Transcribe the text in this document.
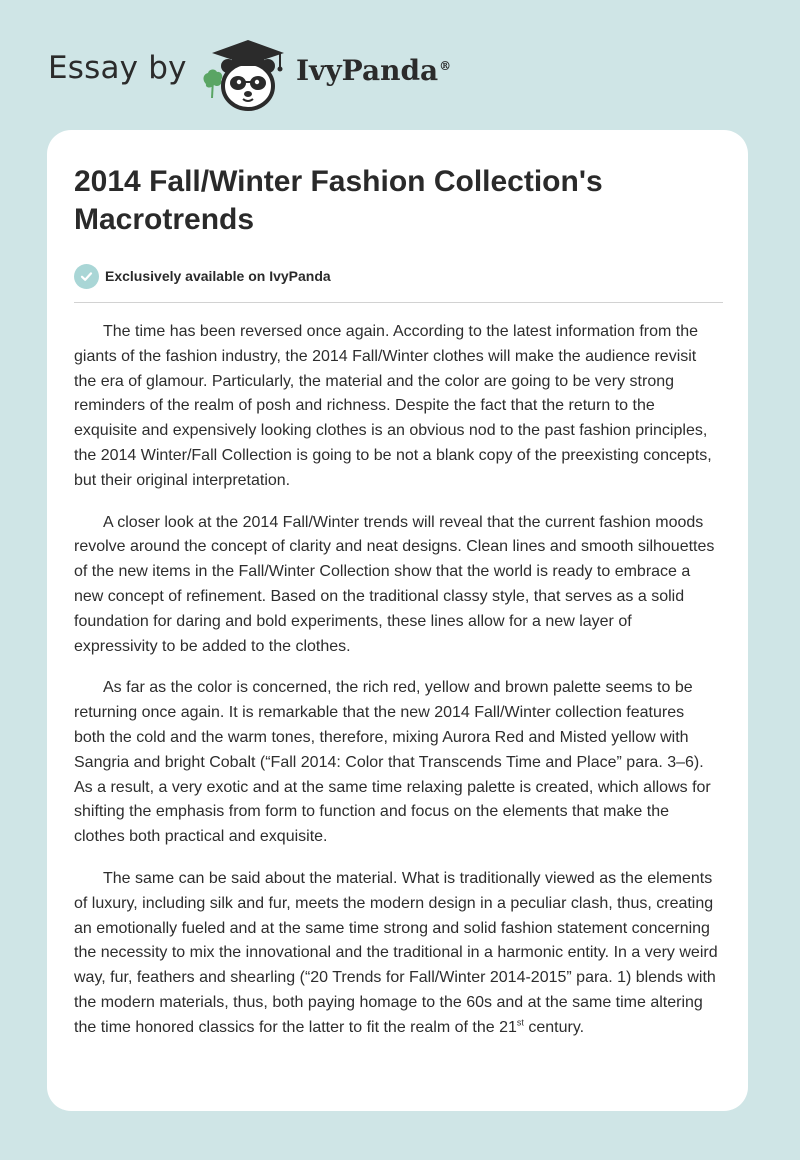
Essay by	IvyPanda®
2014 Fall/Winter Fashion Collection's Macrotrends
Exclusively available on IvyPanda

The time has been reversed once again. According to the latest information from the giants of the fashion industry, the 2014 Fall/Winter clothes will make the audience revisit the era of glamour. Particularly, the material and the color are going to be very strong reminders of the realm of posh and richness. Despite the fact that the return to the exquisite and expensively looking clothes is an obvious nod to the past fashion principles, the 2014 Winter/Fall Collection is going to be not a blank copy of the preexisting concepts, but their original interpretation.

A closer look at the 2014 Fall/Winter trends will reveal that the current fashion moods revolve around the concept of clarity and neat designs. Clean lines and smooth silhouettes of the new items in the Fall/Winter Collection show that the world is ready to embrace a new concept of refinement. Based on the traditional classy style, that serves as a solid foundation for daring and bold experiments, these lines allow for a new layer of expressivity to be added to the clothes.

As far as the color is concerned, the rich red, yellow and brown palette seems to be returning once again. It is remarkable that the new 2014 Fall/Winter collection features both the cold and the warm tones, therefore, mixing Aurora Red and Misted yellow with Sangria and bright Cobalt (“Fall 2014: Color that Transcends Time and Place” para. 3–6). As a result, a very exotic and at the same time relaxing palette is created, which allows for shifting the emphasis from form to function and focus on the elements that make the clothes both practical and exquisite.

The same can be said about the material. What is traditionally viewed as the elements of luxury, including silk and fur, meets the modern design in a peculiar clash, thus, creating an emotionally fueled and at the same time strong and solid fashion statement concerning the necessity to mix the innovational and the traditional in a harmonic entity. In a very weird way, fur, feathers and shearling (“20 Trends for Fall/Winter 2014-2015” para. 1) blends with the modern materials, thus, both paying homage to the 60s and at the same time altering the time honored classics for the latter to fit the realm of the 21st century.
